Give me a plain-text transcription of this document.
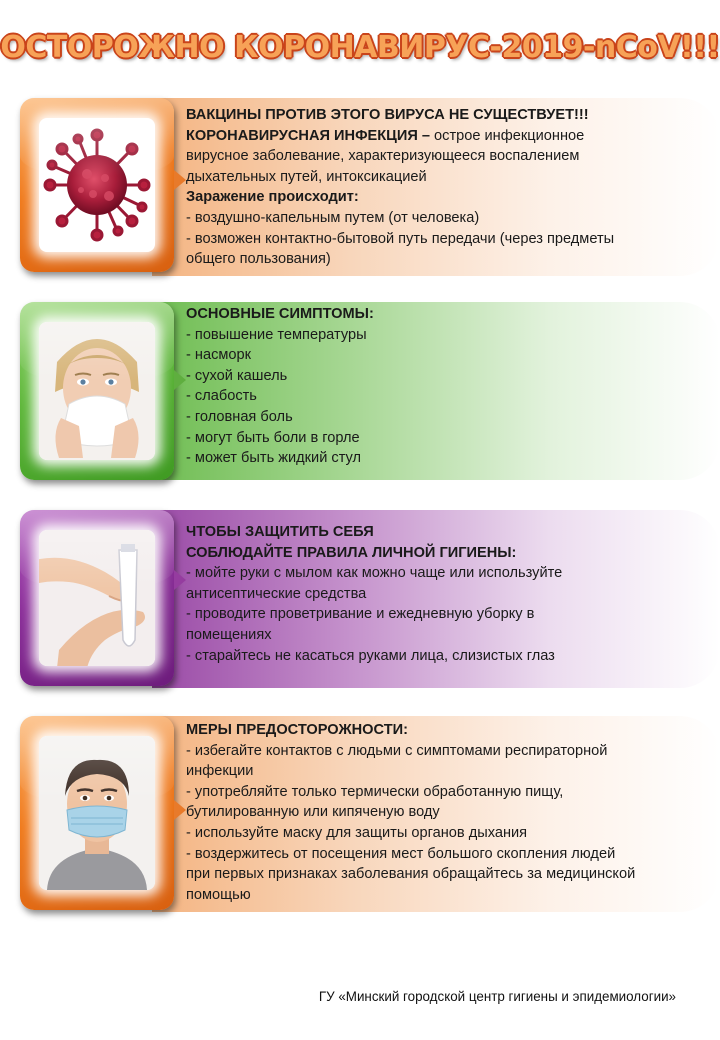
ОСТОРОЖНО КОРОНАВИРУС-2019-nCoV!!!

ВАКЦИНЫ ПРОТИВ ЭТОГО ВИРУСА НЕ СУЩЕСТВУЕТ!!!

КОРОНАВИРУСНАЯ ИНФЕКЦИЯ – острое инфекционное

вирусное заболевание, характеризующееся воспалением

дыхательных путей, интоксикацией

Заражение происходит:

- воздушно-капельным путем (от человека)

- возможен контактно-бытовой путь передачи (через предметы

общего пользования)

ОСНОВНЫЕ СИМПТОМЫ:

- повышение температуры

- насморк

- сухой кашель

- слабость

- головная боль

- могут быть боли в горле

- может быть жидкий стул

ЧТОБЫ ЗАЩИТИТЬ СЕБЯ

СОБЛЮДАЙТЕ ПРАВИЛА ЛИЧНОЙ ГИГИЕНЫ:

- мойте руки с мылом как можно чаще или используйте

антисептические средства

- проводите проветривание и ежедневную уборку в

помещениях

- старайтесь не касаться руками лица, слизистых глаз

МЕРЫ ПРЕДОСТОРОЖНОСТИ:

- избегайте контактов с людьми с симптомами респираторной

инфекции

- употребляйте только термически обработанную пищу,

бутилированную или кипяченую воду

- используйте маску для защиты органов дыхания

- воздержитесь от посещения мест большого скопления людей

при первых признаках заболевания обращайтесь за медицинской

помощью

ГУ «Минский городской центр гигиены и эпидемиологии»
